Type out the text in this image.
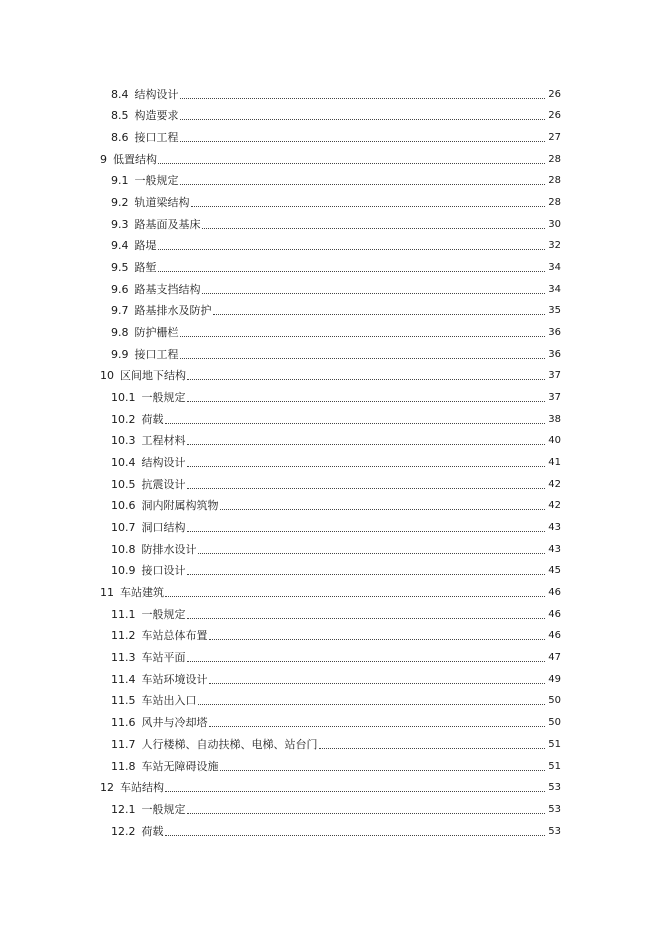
8.4 结构设计	26
8.5 构造要求	26
8.6 接口工程	27
9 低置结构	28
9.1 一般规定	28
9.2 轨道梁结构	28
9.3 路基面及基床	30
9.4 路堤	32
9.5 路堑	34
9.6 路基支挡结构	34
9.7 路基排水及防护	35
9.8 防护栅栏	36
9.9 接口工程	36
10 区间地下结构	37
10.1 一般规定	37
10.2 荷载	38
10.3 工程材料	40
10.4 结构设计	41
10.5 抗震设计	42
10.6 洞内附属构筑物	42
10.7 洞口结构	43
10.8 防排水设计	43
10.9 接口设计	45
11 车站建筑	46
11.1 一般规定	46
11.2 车站总体布置	46
11.3 车站平面	47
11.4 车站环境设计	49
11.5 车站出入口	50
11.6 风井与冷却塔	50
11.7 人行楼梯、自动扶梯、电梯、站台门	51
11.8 车站无障碍设施	51
12 车站结构	53
12.1 一般规定	53
12.2 荷载	53
